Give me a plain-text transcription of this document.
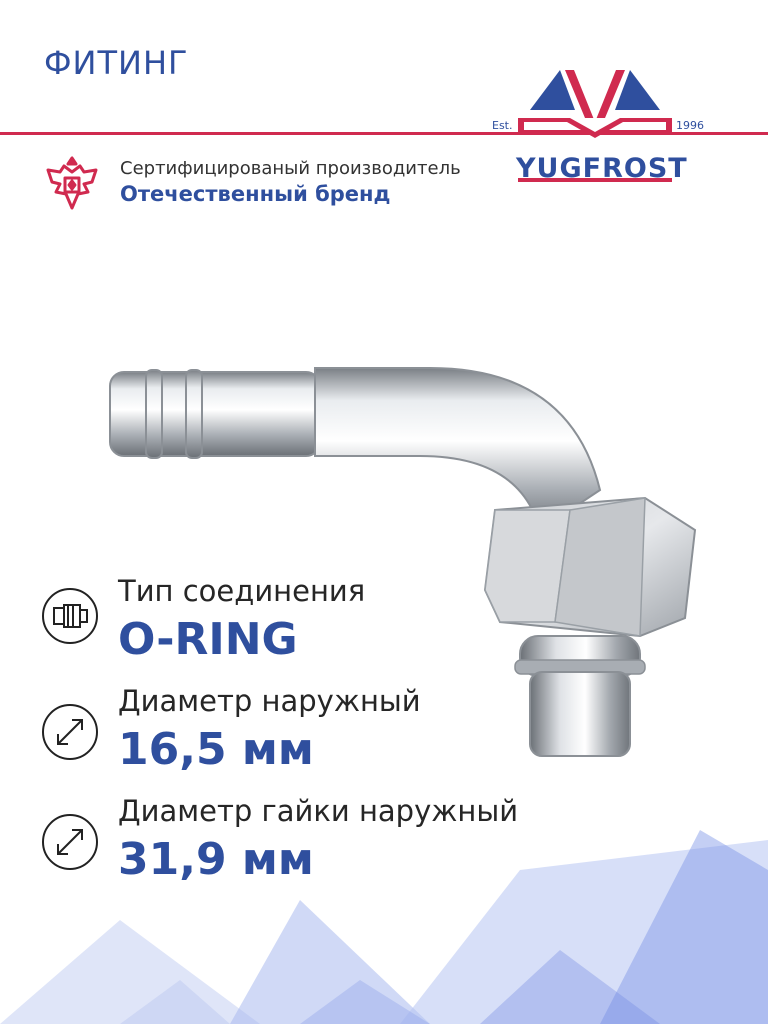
ФИТИНГ
Est.	1996
YUGFROST
Сертифицированый производитель
Отечественный бренд
Тип соединения
O-RING
Диаметр наружный
16,5 мм
Диаметр гайки наружный
31,9 мм
